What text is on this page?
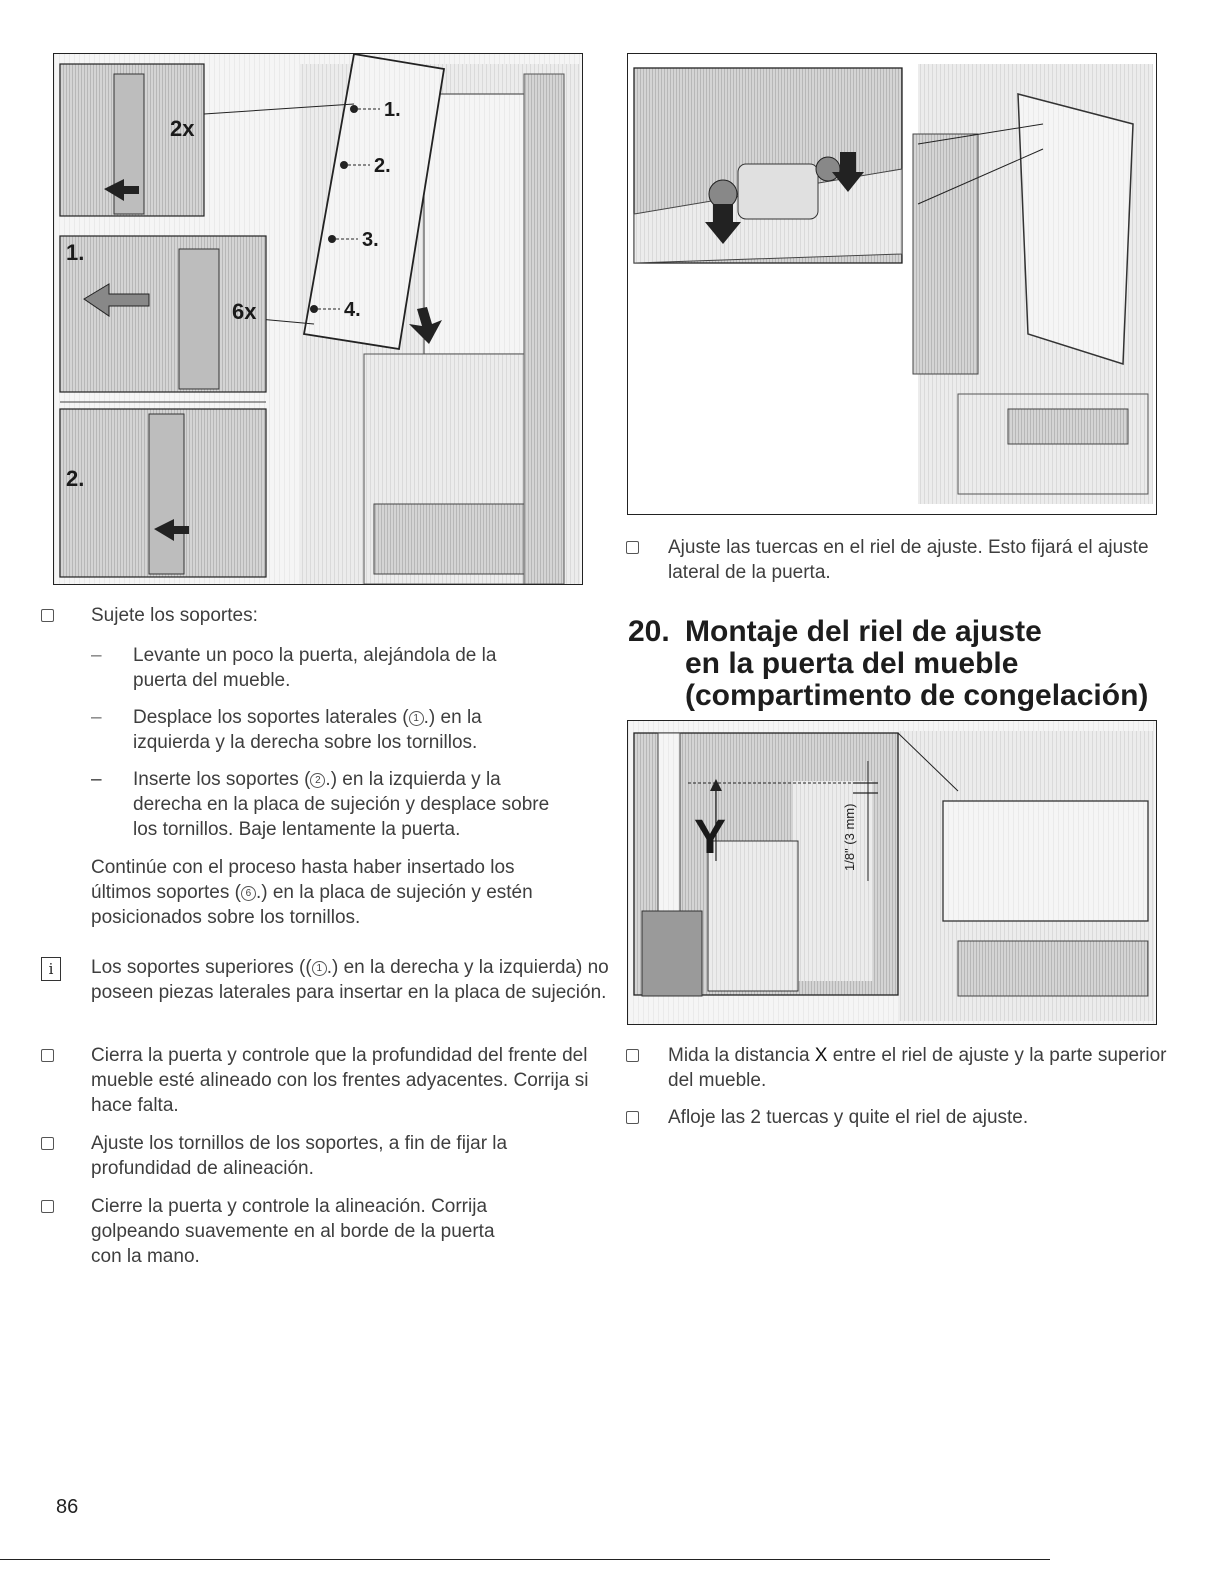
1.
2.
3.
4.
2x
6x
1.
2.
Y	1/8" (3 mm)
Sujete los soportes:
– Levante un poco la puerta, alejándola de la puerta del mueble.
– Desplace los soportes laterales ( 1 .) en la izquierda y la derecha sobre los tornillos.
– Inserte los soportes ( 2 .) en la izquierda y la derecha en la placa de sujeción y desplace sobre los tornillos. Baje lentamente la puerta.
Continúe con el proceso hasta haber insertado los últimos soportes ( 6 .) en la placa de sujeción y estén posicionados sobre los tornillos.
i	Los soportes superiores (( 1 .) en la derecha y la izquierda) no poseen piezas laterales para insertar en la placa de sujeción.
Cierra la puerta y controle que la profundidad del frente del mueble esté alineado con los frentes adyacentes. Corrija si hace falta.
Ajuste los tornillos de los soportes, a fin de fijar la profundidad de alineación.
Cierre la puerta y controle la alineación. Corrija golpeando suavemente en al borde de la puerta con la mano.
Ajuste las tuercas en el riel de ajuste. Esto fijará el ajuste lateral de la puerta.
20. Montaje del riel de ajuste
en la puerta del mueble
(compartimento de congelación)
Mida la distancia X entre el riel de ajuste y la parte superior del mueble.
Afloje las 2 tuercas y quite el riel de ajuste.
86
